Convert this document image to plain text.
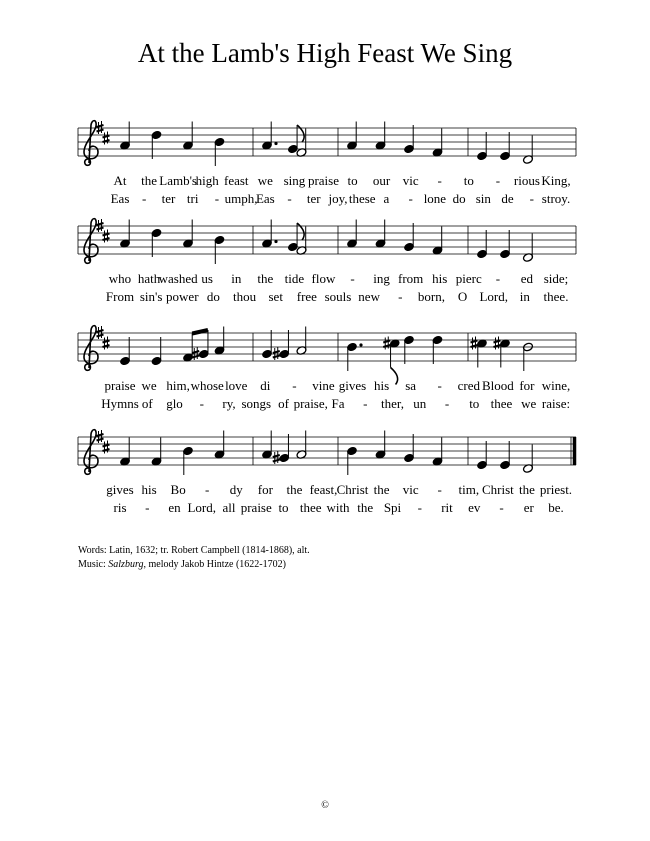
At the Lamb's High Feast We Sing
At the Lamb's
high feast we sing praise to our vic - to - rious King,
Eas - ter tri - umph,
Eas - ter joy, these a - lone do sin de - stroy.
who hath
washed us in the tide flow - ing from his pierc - ed side;
From sin's power do thou set free souls new - born, O Lord, in thee.
praise we him, whose love di - vine gives his sa - cred Blood for wine,
Hymns of glo - ry, songs of praise, Fa - ther, un - to thee we raise:
gives his Bo - dy for the feast, Christ the vic - tim, Christ the priest.
ris - en Lord, all praise to thee with the Spi - rit ev - er be.
Words: Latin, 1632; tr. Robert Campbell (1814-1868), alt.
Music: Salzburg, melody Jakob Hintze (1622-1702)
©
